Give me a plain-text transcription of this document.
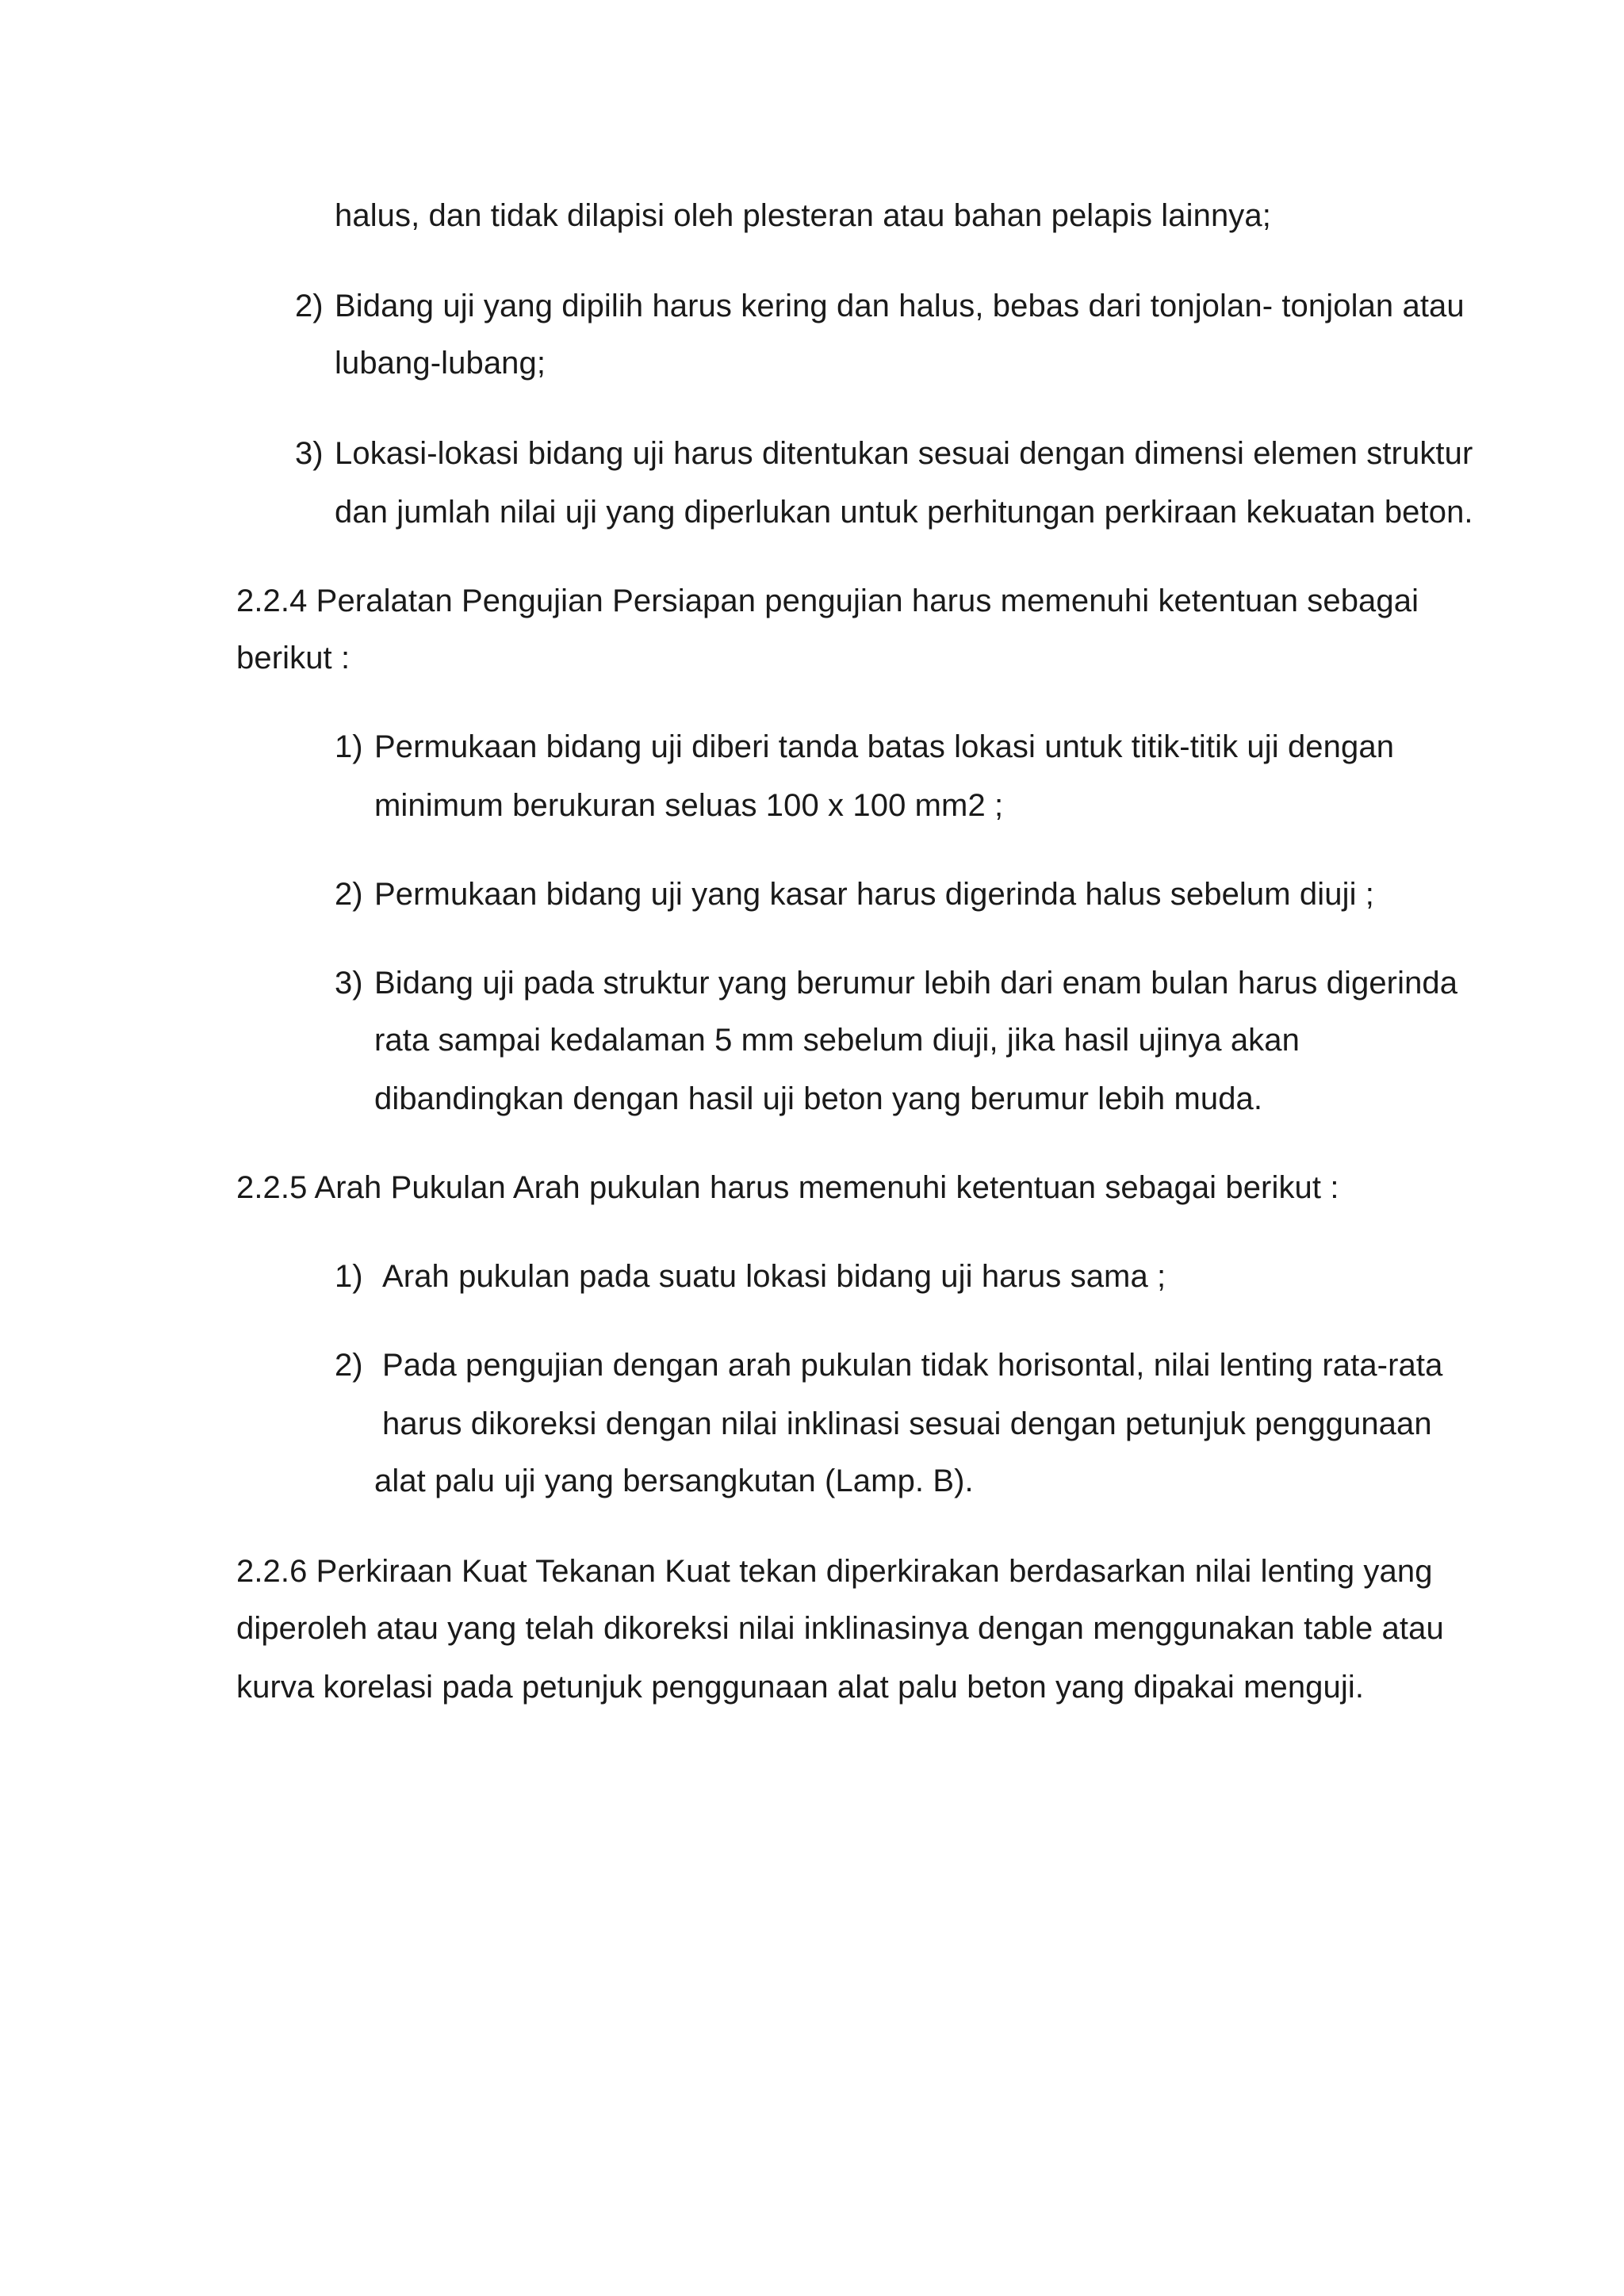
halus, dan tidak dilapisi oleh plesteran atau bahan pelapis lainnya;
2) Bidang uji yang dipilih harus kering dan halus, bebas dari tonjolan- tonjolan atau
lubang-lubang;
3) Lokasi-lokasi bidang uji harus ditentukan sesuai dengan dimensi elemen struktur
dan jumlah nilai uji yang diperlukan untuk perhitungan perkiraan kekuatan beton.
2.2.4 Peralatan Pengujian Persiapan pengujian harus memenuhi ketentuan sebagai
berikut :
1) Permukaan bidang uji diberi tanda batas lokasi untuk titik-titik uji dengan
minimum berukuran seluas 100 x 100 mm2 ;
2) Permukaan bidang uji yang kasar harus digerinda halus sebelum diuji ;
3) Bidang uji pada struktur yang berumur lebih dari enam bulan harus digerinda
rata sampai kedalaman 5 mm sebelum diuji, jika hasil ujinya akan
dibandingkan dengan hasil uji beton yang berumur lebih muda.
2.2.5 Arah Pukulan Arah pukulan harus memenuhi ketentuan sebagai berikut :
1) Arah pukulan pada suatu lokasi bidang uji harus sama ;
2) Pada pengujian dengan arah pukulan tidak horisontal, nilai lenting rata-rata
harus dikoreksi dengan nilai inklinasi sesuai dengan petunjuk penggunaan
alat palu uji yang bersangkutan (Lamp. B).
2.2.6 Perkiraan Kuat Tekanan Kuat tekan diperkirakan berdasarkan nilai lenting yang
diperoleh atau yang telah dikoreksi nilai inklinasinya dengan menggunakan table atau
kurva korelasi pada petunjuk penggunaan alat palu beton yang dipakai menguji.
